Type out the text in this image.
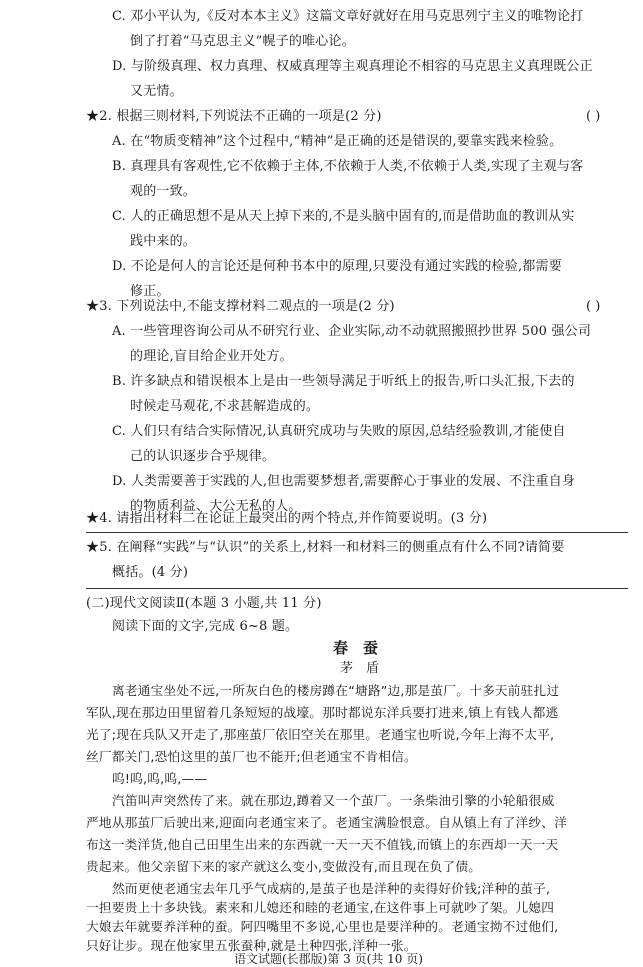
C. 邓小平认为,《反对本本主义》这篇文章好就好在用马克思列宁主义的唯物论打
倒了打着“马克思主义”幌子的唯心论。
D. 与阶级真理、权力真理、权威真理等主观真理论不相容的马克思主义真理既公正
又无情。
★2. 根据三则材料,下列说法不正确的一项是(2 分)	( )
A. 在“物质变精神”这个过程中,“精神”是正确的还是错误的,要靠实践来检验。
B. 真理具有客观性,它不依赖于主体,不依赖于人类,不依赖于人类,实现了主观与客
观的一致。
C. 人的正确思想不是从天上掉下来的,不是头脑中固有的,而是借助血的教训从实
践中来的。
D. 不论是何人的言论还是何种书本中的原理,只要没有通过实践的检验,都需要
修正。
★3. 下列说法中,不能支撑材料二观点的一项是(2 分)	( )
A. 一些管理咨询公司从不研究行业、企业实际,动不动就照搬照抄世界 500 强公司
的理论,盲目给企业开处方。
B. 许多缺点和错误根本上是由一些领导满足于听纸上的报告,听口头汇报,下去的
时候走马观花,不求甚解造成的。
C. 人们只有结合实际情况,认真研究成功与失败的原因,总结经验教训,才能使自
己的认识逐步合乎规律。
D. 人类需要善于实践的人,但也需要梦想者,需要醉心于事业的发展、不注重自身
的物质利益、大公无私的人。
★4. 请指出材料二在论证上最突出的两个特点,并作简要说明。(3 分)
★5. 在阐释“实践”与“认识”的关系上,材料一和材料三的侧重点有什么不同?请简要
概括。(4 分)
(二)现代文阅读Ⅱ(本题 3 小题,共 11 分)
阅读下面的文字,完成 6~8 题。
春　蚕
茅　盾
离老通宝坐处不远,一所灰白色的楼房蹲在“塘路”边,那是茧厂。十多天前驻扎过
军队,现在那边田里留着几条短短的战壕。那时都说东洋兵要打进来,镇上有钱人都逃
光了;现在兵队又开走了,那座茧厂依旧空关在那里。老通宝也听说,今年上海不太平,
丝厂都关门,恐怕这里的茧厂也不能开;但老通宝不肯相信。
呜!呜,呜,呜,——
汽笛叫声突然传了来。就在那边,蹲着又一个茧厂。一条柴油引擎的小轮船很威
严地从那茧厂后驶出来,迎面向老通宝来了。老通宝满脸恨意。自从镇上有了洋纱、洋
布这一类洋货,他自己田里生出来的东西就一天一天不值钱,而镇上的东西却一天一天
贵起来。他父亲留下来的家产就这么变小,变做没有,而且现在负了债。
然而更使老通宝去年几乎气成病的,是茧子也是洋种的卖得好价钱;洋种的茧子,
一担要贵上十多块钱。素来和儿媳还和睦的老通宝,在这件事上可就吵了架。儿媳四
大娘去年就要养洋种的蚕。阿四嘴里不多说,心里也是要洋种的。老通宝拗不过他们,
只好让步。现在他家里五张蚕种,就是土种四张,洋种一张。
语文试题(长郡版)第 3 页(共 10 页)
